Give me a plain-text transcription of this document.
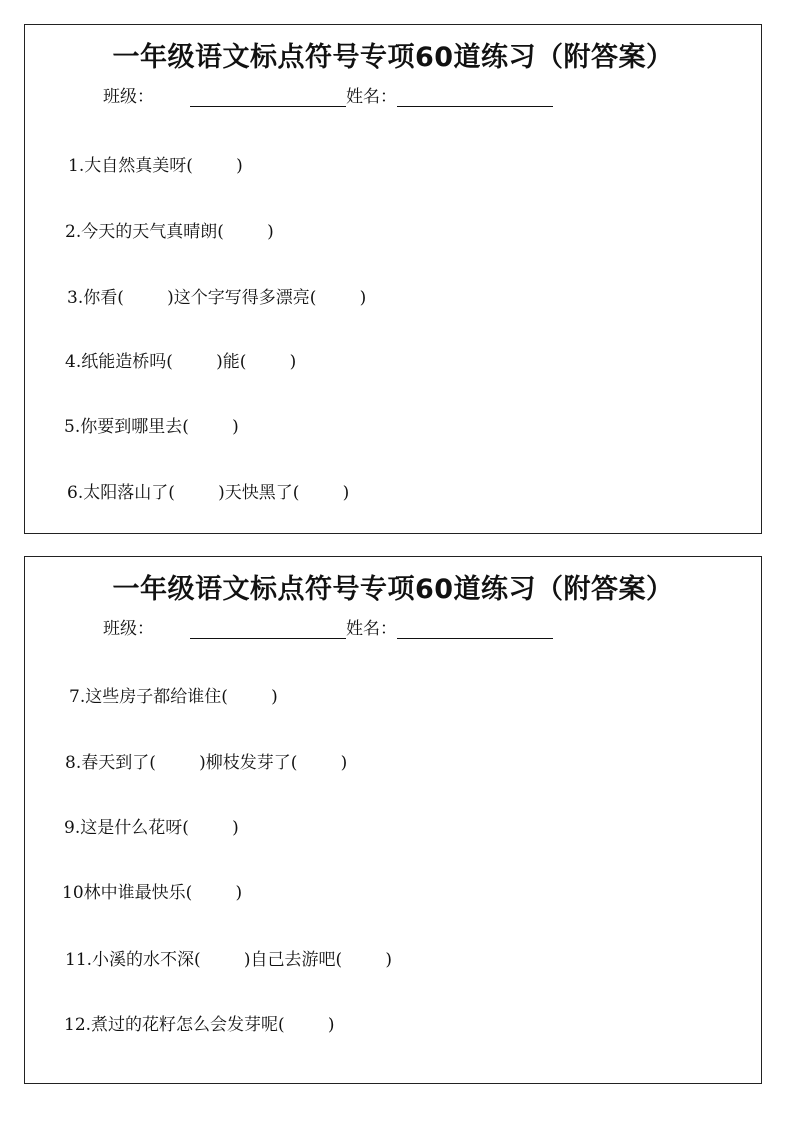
一年级语文标点符号专项60道练习（附答案）
班级：	姓名：
1.大自然真美呀(        )
2.今天的天气真晴朗(        )
3.你看(        )这个字写得多漂亮(        )
4.纸能造桥吗(        )能(        )
5.你要到哪里去(        )
6.太阳落山了(        )天快黑了(        )
一年级语文标点符号专项60道练习（附答案）
班级：	姓名：
7.这些房子都给谁住(        )
8.春天到了(        )柳枝发芽了(        )
9.这是什么花呀(        )
10林中谁最快乐(        )
11.小溪的水不深(        )自己去游吧(        )
12.煮过的花籽怎么会发芽呢(        )
